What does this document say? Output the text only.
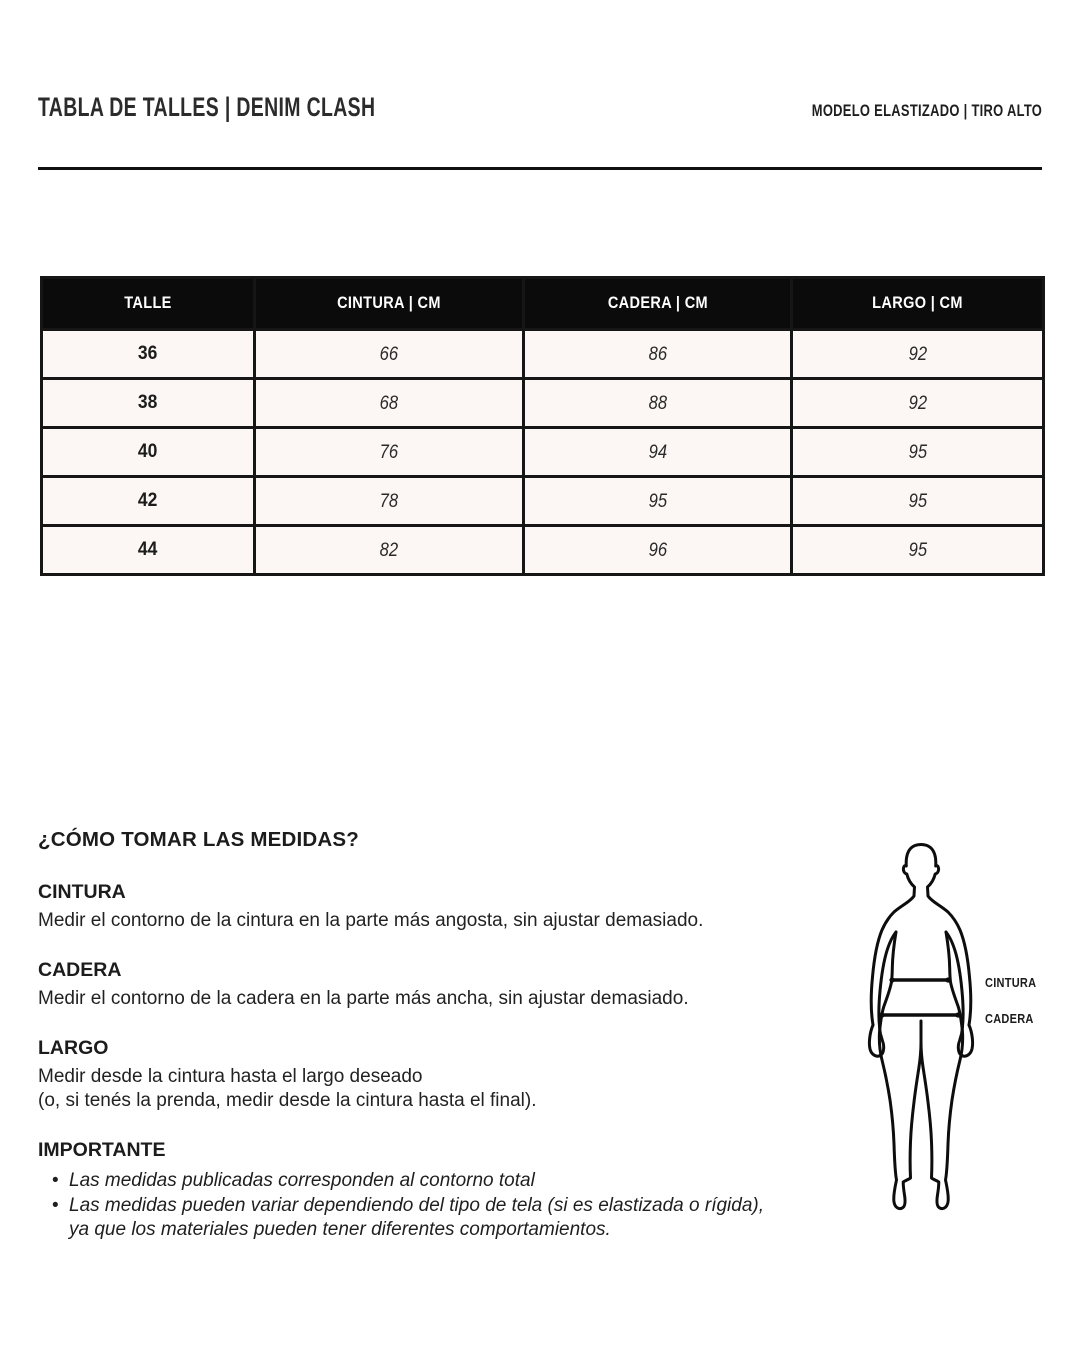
TABLA DE TALLES | DENIM CLASH	MODELO ELASTIZADO | TIRO ALTO
TALLE	CINTURA | CM	CADERA | CM	LARGO | CM
36	66	86	92
38	68	88	92
40	76	94	95
42	78	95	95
44	82	96	95
¿CÓMO TOMAR LAS MEDIDAS?
CINTURA

Medir el contorno de la cintura en la parte más angosta, sin ajustar demasiado.

CADERA

Medir el contorno de la cadera en la parte más ancha, sin ajustar demasiado.

LARGO

Medir desde la cintura hasta el largo deseado
(o, si tenés la prenda, medir desde la cintura hasta el final).

IMPORTANTE
• Las medidas publicadas corresponden al contorno total
• Las medidas pueden variar dependiendo del tipo de tela (si es elastizada o rígida),
ya que los materiales pueden tener diferentes comportamientos.
CINTURA
CADERA
